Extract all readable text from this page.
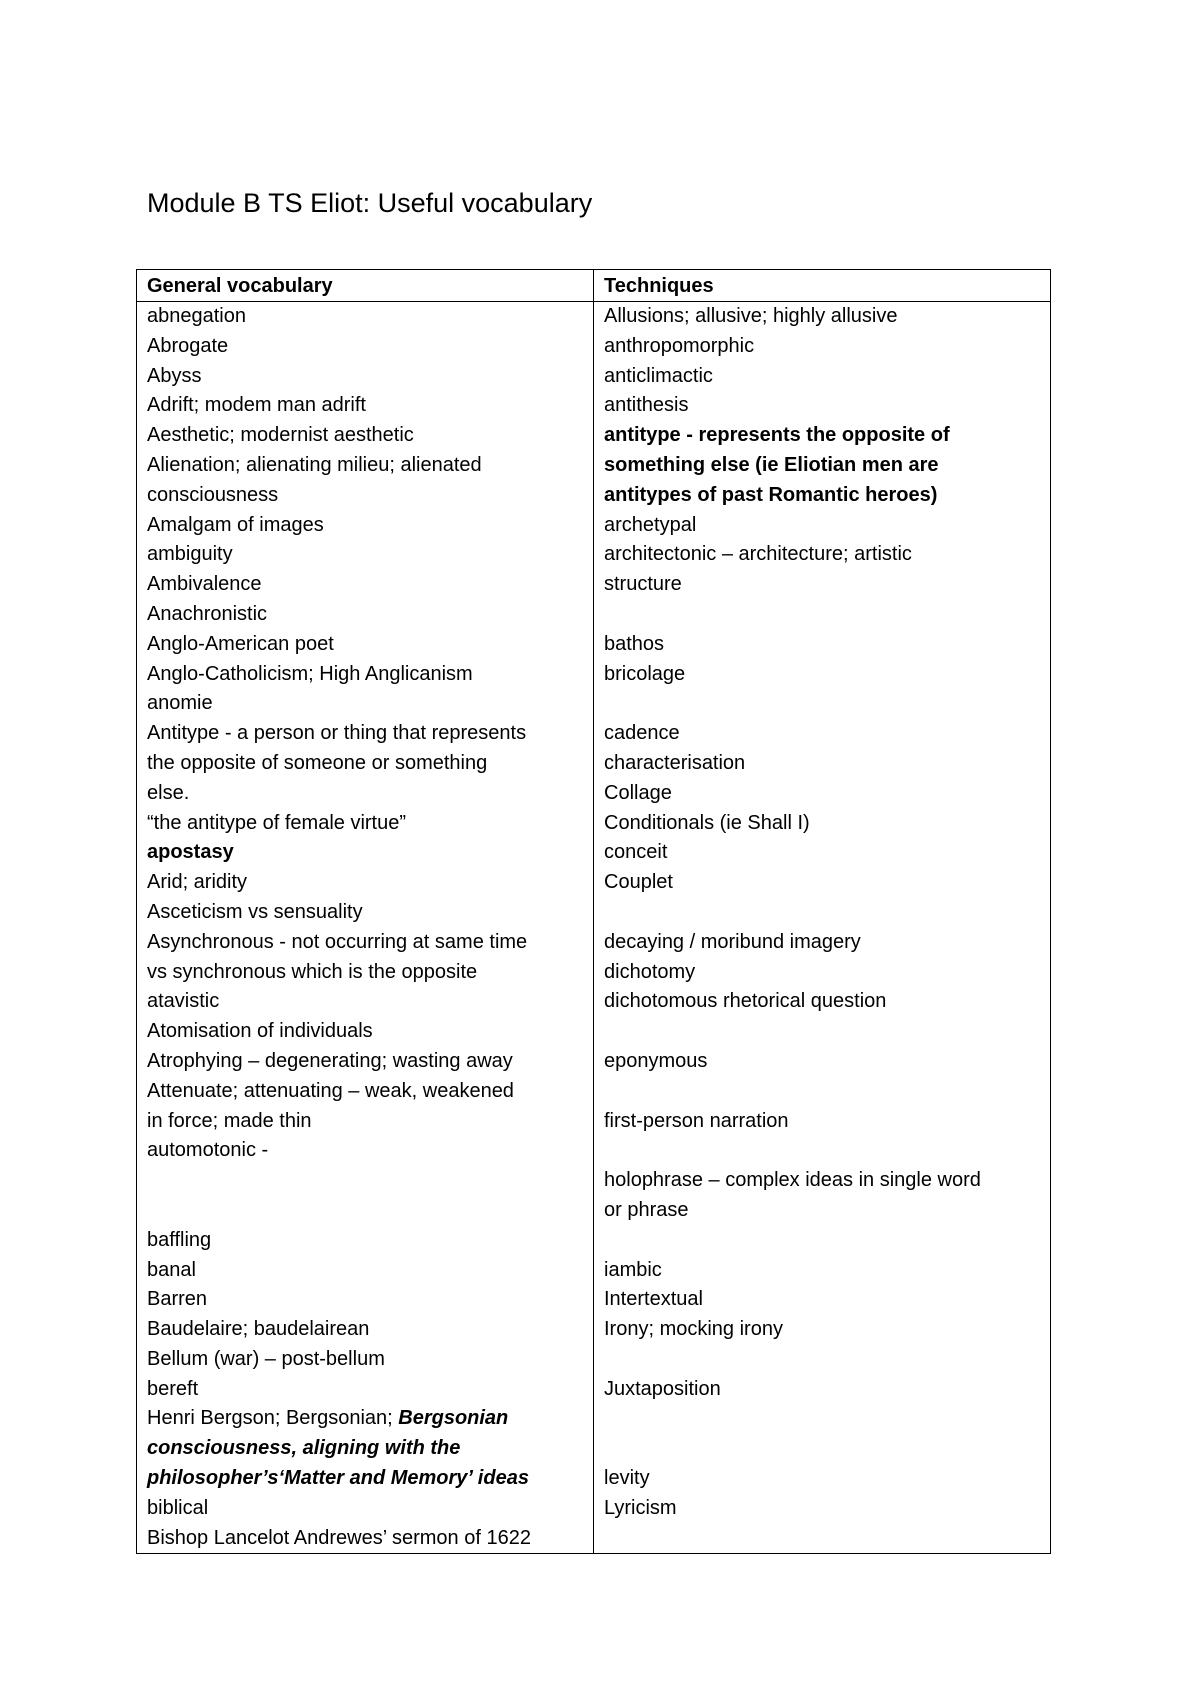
Module B TS Eliot: Useful vocabulary
General vocabulary	Techniques
abnegation
Abrogate
Abyss
Adrift; modem man adrift
Aesthetic; modernist aesthetic
Alienation; alienating milieu; alienated
consciousness
Amalgam of images
ambiguity
Ambivalence
Anachronistic
Anglo-American poet
Anglo-Catholicism; High Anglicanism
anomie
Antitype - a person or thing that represents
the opposite of someone or something
else.
“the antitype of female virtue”
apostasy
Arid; aridity
Asceticism vs sensuality
Asynchronous - not occurring at same time
vs synchronous which is the opposite
atavistic
Atomisation of individuals
Atrophying – degenerating; wasting away
Attenuate; attenuating – weak, weakened
in force; made thin
automotonic -
baffling
banal
Barren
Baudelaire; baudelairean
Bellum (war) – post-bellum
bereft
Henri Bergson; Bergsonian; Bergsonian
consciousness, aligning with the
philosopher’s‘Matter and Memory’ ideas
biblical
Bishop Lancelot Andrewes’ sermon of 1622
Allusions; allusive; highly allusive
anthropomorphic
anticlimactic
antithesis
antitype - represents the opposite of
something else (ie Eliotian men are
antitypes of past Romantic heroes)
archetypal
architectonic – architecture; artistic
structure
bathos
bricolage
cadence
characterisation
Collage
Conditionals (ie Shall I)
conceit
Couplet
decaying / moribund imagery
dichotomy
dichotomous rhetorical question
eponymous
first-person narration
holophrase – complex ideas in single word
or phrase
iambic
Intertextual
Irony; mocking irony
Juxtaposition
levity
Lyricism
